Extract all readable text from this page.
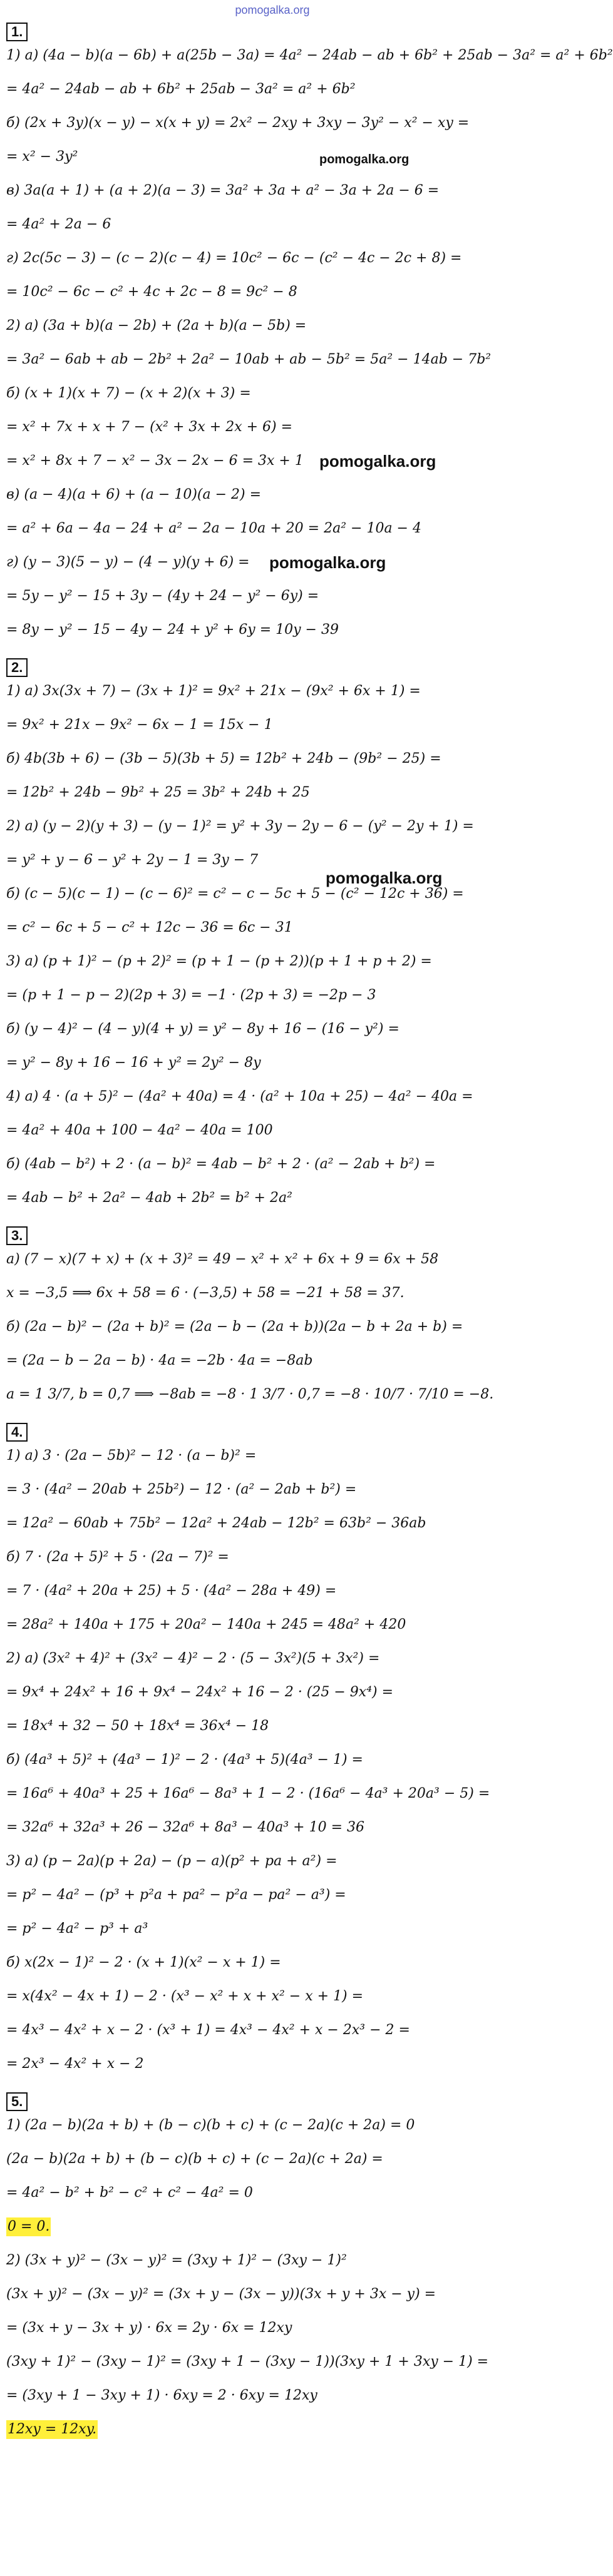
pomogalka.org
1.
1) а) (4a − b)(a − 6b) + a(25b − 3a) = 4a² − 24ab − ab + 6b² + 25ab − 3a² = a² + 6b²
= 4a² − 24ab − ab + 6b² + 25ab − 3a² = a² + 6b²
б) (2x + 3y)(x − y) − x(x + y) = 2x² − 2xy + 3xy − 3y² − x² − xy =
= x² − 3y²	pomogalka.org
в) 3a(a + 1) + (a + 2)(a − 3) = 3a² + 3a + a² − 3a + 2a − 6 =
= 4a² + 2a − 6
г) 2c(5c − 3) − (c − 2)(c − 4) = 10c² − 6c − (c² − 4c − 2c + 8) =
= 10c² − 6c − c² + 4c + 2c − 8 = 9c² − 8
2) а) (3a + b)(a − 2b) + (2a + b)(a − 5b) =
= 3a² − 6ab + ab − 2b² + 2a² − 10ab + ab − 5b² = 5a² − 14ab − 7b²
б) (x + 1)(x + 7) − (x + 2)(x + 3) =
= x² + 7x + x + 7 − (x² + 3x + 2x + 6) =
= x² + 8x + 7 − x² − 3x − 2x − 6 = 3x + 1 pomogalka.org
в) (a − 4)(a + 6) + (a − 10)(a − 2) =
= a² + 6a − 4a − 24 + a² − 2a − 10a + 20 = 2a² − 10a − 4
г) (y − 3)(5 − y) − (4 − y)(y + 6) = pomogalka.org
= 5y − y² − 15 + 3y − (4y + 24 − y² − 6y) =
= 8y − y² − 15 − 4y − 24 + y² + 6y = 10y − 39
2.
1) а) 3x(3x + 7) − (3x + 1)² = 9x² + 21x − (9x² + 6x + 1) =
= 9x² + 21x − 9x² − 6x − 1 = 15x − 1
б) 4b(3b + 6) − (3b − 5)(3b + 5) = 12b² + 24b − (9b² − 25) =
= 12b² + 24b − 9b² + 25 = 3b² + 24b + 25
2) а) (y − 2)(y + 3) − (y − 1)² = y² + 3y − 2y − 6 − (y² − 2y + 1) =
= y² + y − 6 − y² + 2y − 1 = 3y − 7
б) (c − 5)(c − 1) − (c − 6)² = c² − c − 5c + 5 − (c² − 12c + 36) =
pomogalka.org
= c² − 6c + 5 − c² + 12c − 36 = 6c − 31
3) а) (p + 1)² − (p + 2)² = (p + 1 − (p + 2))(p + 1 + p + 2) =
= (p + 1 − p − 2)(2p + 3) = −1 · (2p + 3) = −2p − 3
б) (y − 4)² − (4 − y)(4 + y) = y² − 8y + 16 − (16 − y²) =
= y² − 8y + 16 − 16 + y² = 2y² − 8y
4) а) 4 · (a + 5)² − (4a² + 40a) = 4 · (a² + 10a + 25) − 4a² − 40a =
= 4a² + 40a + 100 − 4a² − 40a = 100
б) (4ab − b²) + 2 · (a − b)² = 4ab − b² + 2 · (a² − 2ab + b²) =
= 4ab − b² + 2a² − 4ab + 2b² = b² + 2a²
3.
а) (7 − x)(7 + x) + (x + 3)² = 49 − x² + x² + 6x + 9 = 6x + 58
x = −3,5 ⟹ 6x + 58 = 6 · (−3,5) + 58 = −21 + 58 = 37.
б) (2a − b)² − (2a + b)² = (2a − b − (2a + b))(2a − b + 2a + b) =
= (2a − b − 2a − b) · 4a = −2b · 4a = −8ab
a = 1 3/7, b = 0,7 ⟹ −8ab = −8 · 1 3/7 · 0,7 = −8 · 10/7 · 7/10 = −8.
4.
1) а) 3 · (2a − 5b)² − 12 · (a − b)² =
= 3 · (4a² − 20ab + 25b²) − 12 · (a² − 2ab + b²) =
= 12a² − 60ab + 75b² − 12a² + 24ab − 12b² = 63b² − 36ab
б) 7 · (2a + 5)² + 5 · (2a − 7)² =
= 7 · (4a² + 20a + 25) + 5 · (4a² − 28a + 49) =
= 28a² + 140a + 175 + 20a² − 140a + 245 = 48a² + 420
2) а) (3x² + 4)² + (3x² − 4)² − 2 · (5 − 3x²)(5 + 3x²) =
= 9x⁴ + 24x² + 16 + 9x⁴ − 24x² + 16 − 2 · (25 − 9x⁴) =
= 18x⁴ + 32 − 50 + 18x⁴ = 36x⁴ − 18
б) (4a³ + 5)² + (4a³ − 1)² − 2 · (4a³ + 5)(4a³ − 1) =
= 16a⁶ + 40a³ + 25 + 16a⁶ − 8a³ + 1 − 2 · (16a⁶ − 4a³ + 20a³ − 5) =
= 32a⁶ + 32a³ + 26 − 32a⁶ + 8a³ − 40a³ + 10 = 36
3) а) (p − 2a)(p + 2a) − (p − a)(p² + pa + a²) =
= p² − 4a² − (p³ + p²a + pa² − p²a − pa² − a³) =
= p² − 4a² − p³ + a³
б) x(2x − 1)² − 2 · (x + 1)(x² − x + 1) =
= x(4x² − 4x + 1) − 2 · (x³ − x² + x + x² − x + 1) =
= 4x³ − 4x² + x − 2 · (x³ + 1) = 4x³ − 4x² + x − 2x³ − 2 =
= 2x³ − 4x² + x − 2
5.
1) (2a − b)(2a + b) + (b − c)(b + c) + (c − 2a)(c + 2a) = 0
(2a − b)(2a + b) + (b − c)(b + c) + (c − 2a)(c + 2a) =
= 4a² − b² + b² − c² + c² − 4a² = 0
0 = 0.
2) (3x + y)² − (3x − y)² = (3xy + 1)² − (3xy − 1)²
(3x + y)² − (3x − y)² = (3x + y − (3x − y))(3x + y + 3x − y) =
= (3x + y − 3x + y) · 6x = 2y · 6x = 12xy
(3xy + 1)² − (3xy − 1)² = (3xy + 1 − (3xy − 1))(3xy + 1 + 3xy − 1) =
= (3xy + 1 − 3xy + 1) · 6xy = 2 · 6xy = 12xy
12xy = 12xy.
